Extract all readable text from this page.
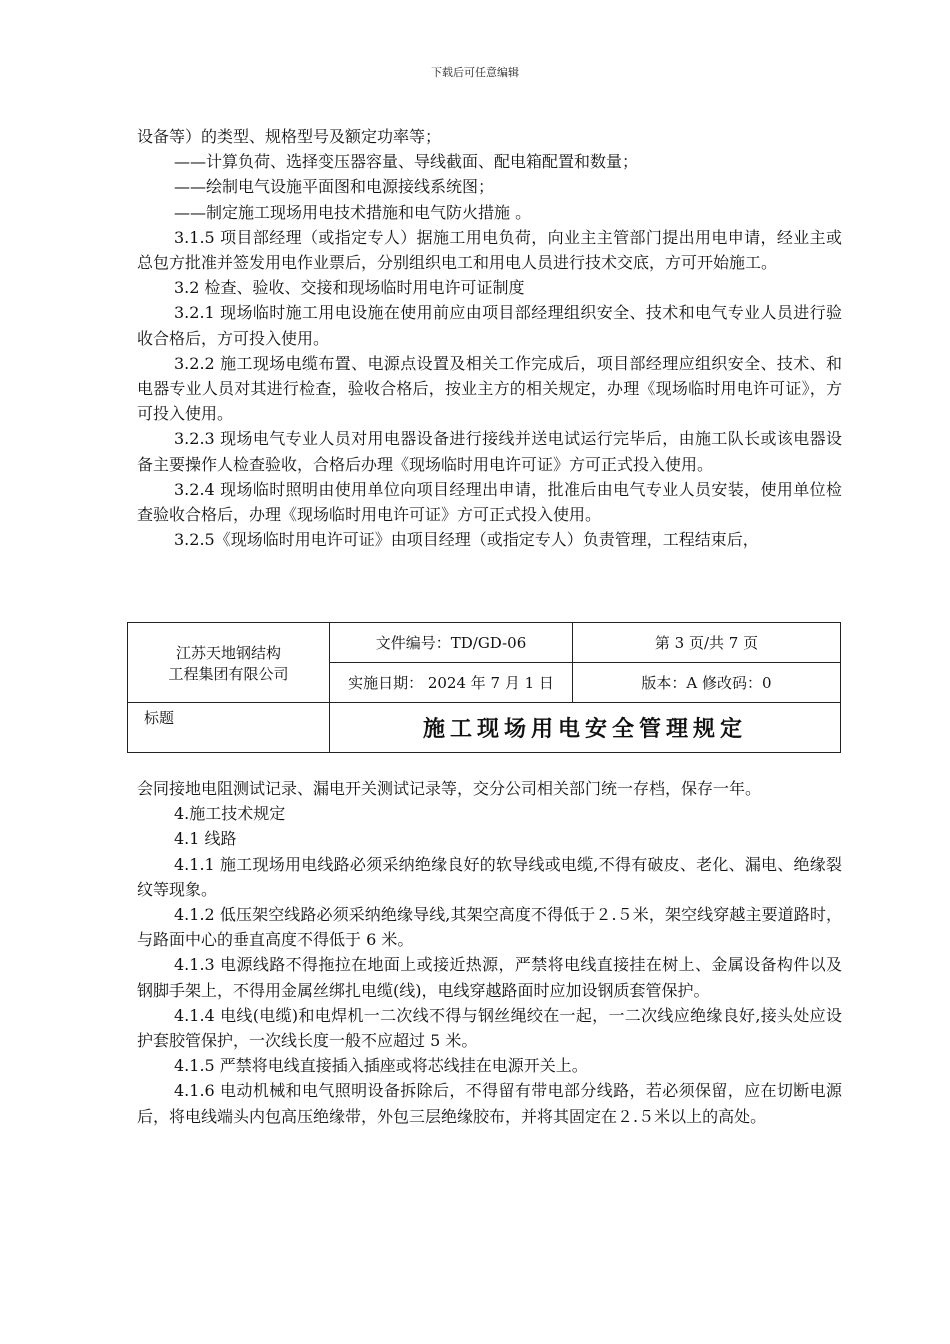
下载后可任意编辑

设备等）的类型、规格型号及额定功率等；

——计算负荷、选择变压器容量、导线截面、配电箱配置和数量；

——绘制电气设施平面图和电源接线系统图；

——制定施工现场用电技术措施和电气防火措施 。

3.1.5 项目部经理（或指定专人）据施工用电负荷，向业主主管部门提出用电申请，经业主或总包方批准并签发用电作业票后，分别组织电工和用电人员进行技术交底，方可开始施工。

3.2 检查、验收、交接和现场临时用电许可证制度

3.2.1 现场临时施工用电设施在使用前应由项目部经理组织安全、技术和电气专业人员进行验收合格后，方可投入使用。

3.2.2 施工现场电缆布置、电源点设置及相关工作完成后，项目部经理应组织安全、技术、和电器专业人员对其进行检查，验收合格后，按业主方的相关规定，办理《现场临时用电许可证》，方可投入使用。

3.2.3 现场电气专业人员对用电器设备进行接线并送电试运行完毕后，由施工队长或该电器设备主要操作人检查验收，合格后办理《现场临时用电许可证》方可正式投入使用。

3.2.4 现场临时照明由使用单位向项目经理出申请，批准后由电气专业人员安装，使用单位检查验收合格后，办理《现场临时用电许可证》方可正式投入使用。

3.2.5《现场临时用电许可证》由项目经理（或指定专人）负责管理，工程结束后，

江苏天地钢结构
工程集团有限公司	文件编号：TD/GD-06	第 3 页/共 7 页
	实施日期： 2024 年 7 月 1 日	版本：A 修改码：0
标题	施工现场用电安全管理规定	

会同接地电阻测试记录、漏电开关测试记录等，交分公司相关部门统一存档，保存一年。

4.施工技术规定

4.1 线路

4.1.1 施工现场用电线路必须采纳绝缘良好的软导线或电缆,不得有破皮、老化、漏电、绝缘裂纹等现象。

4.1.2 低压架空线路必须采纳绝缘导线,其架空高度不得低于２.５米，架空线穿越主要道路时，与路面中心的垂直高度不得低于 6 米。

4.1.3 电源线路不得拖拉在地面上或接近热源，严禁将电线直接挂在树上、金属设备构件以及钢脚手架上，不得用金属丝绑扎电缆(线)，电线穿越路面时应加设钢质套管保护。

4.1.4 电线(电缆)和电焊机一二次线不得与钢丝绳绞在一起，一二次线应绝缘良好,接头处应设护套胶管保护，一次线长度一般不应超过 5 米。

4.1.5 严禁将电线直接插入插座或将芯线挂在电源开关上。

4.1.6 电动机械和电气照明设备拆除后，不得留有带电部分线路，若必须保留，应在切断电源后，将电线端头内包高压绝缘带，外包三层绝缘胶布，并将其固定在２.５米以上的高处。
